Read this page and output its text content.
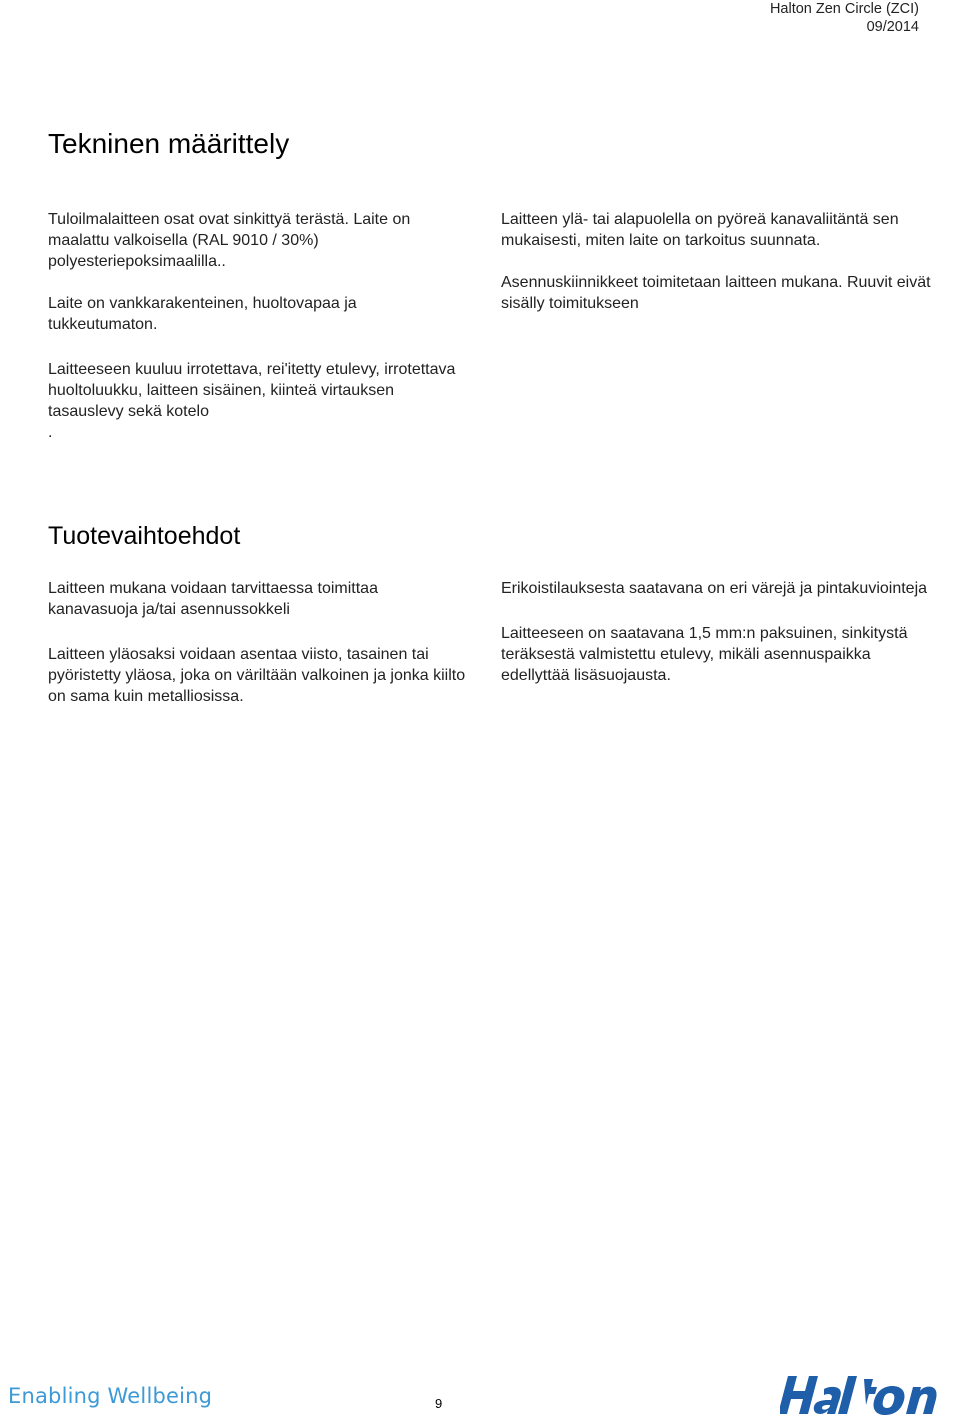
Halton Zen Circle (ZCI)
09/2014
Tekninen määrittely

Tuloilmalaitteen osat ovat sinkittyä terästä. Laite on maalattu valkoisella (RAL 9010 / 30%) polyesteriepoksimaalilla..

Laite on vankkarakenteinen, huoltovapaa ja tukkeutumaton.

Laitteen ylä- tai alapuolella on pyöreä kanavaliitäntä sen mukaisesti, miten laite on tarkoitus suunnata.

Asennuskiinnikkeet toimitetaan laitteen mukana. Ruuvit eivät sisälly toimitukseen

Laitteeseen kuuluu irrotettava, rei'itetty etulevy, irrotettava huoltoluukku, laitteen sisäinen, kiinteä virtauksen tasauslevy sekä kotelo

.

Tuotevaihtoehdot

Laitteen mukana voidaan tarvittaessa toimittaa kanavasuoja ja/tai asennussokkeli

Laitteen yläosaksi voidaan asentaa viisto, tasainen tai pyöristetty yläosa, joka on väriltään valkoinen ja jonka kiilto on sama kuin metalliosissa.

Erikoistilauksesta saatavana on eri värejä ja pintakuviointeja

Laitteeseen on saatavana 1,5 mm:n paksuinen, sinkitystä teräksestä valmistettu etulevy, mikäli asennuspaikka edellyttää lisäsuojausta.

Enabling Wellbeing	9
